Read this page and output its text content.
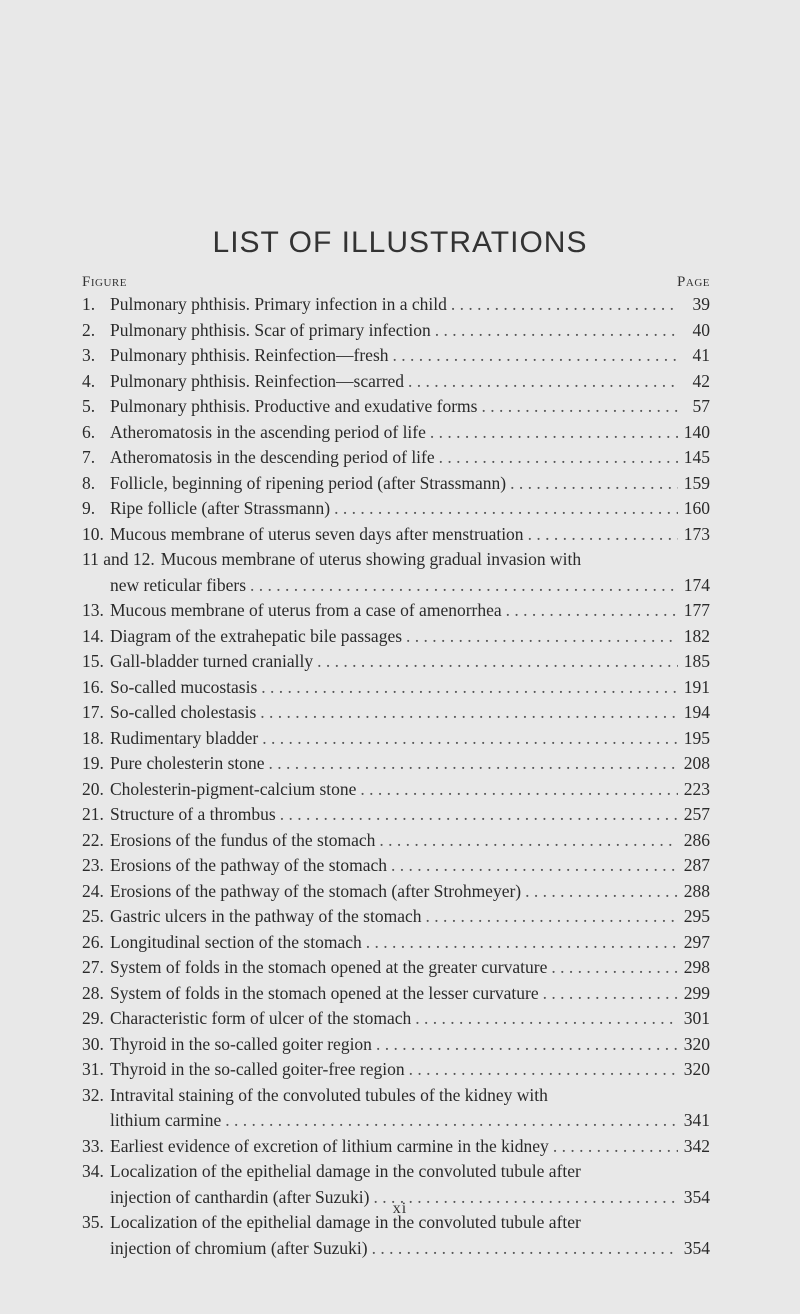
LIST OF ILLUSTRATIONS
Figure	Page
1. Pulmonary phthisis. Primary infection in a child . . .	39
2. Pulmonary phthisis. Scar of primary infection . . .	40
3. Pulmonary phthisis. Reinfection—fresh . . .	41
4. Pulmonary phthisis. Reinfection—scarred . . .	42
5. Pulmonary phthisis. Productive and exudative forms . . .	57
6. Atheromatosis in the ascending period of life . . .	140
7. Atheromatosis in the descending period of life . . .	145
8. Follicle, beginning of ripening period (after Strassmann) . . .	159
9. Ripe follicle (after Strassmann) . . .	160
10. Mucous membrane of uterus seven days after menstruation . . .	173
11 and 12. Mucous membrane of uterus showing gradual invasion with
new reticular fibers . . .	174
13. Mucous membrane of uterus from a case of amenorrhea . . .	177
14. Diagram of the extrahepatic bile passages . . .	182
15. Gall-bladder turned cranially . . .	185
16. So-called mucostasis . . .	191
17. So-called cholestasis . . .	194
18. Rudimentary bladder . . .	195
19. Pure cholesterin stone . . .	208
20. Cholesterin-pigment-calcium stone . . .	223
21. Structure of a thrombus . . .	257
22. Erosions of the fundus of the stomach . . .	286
23. Erosions of the pathway of the stomach . . .	287
24. Erosions of the pathway of the stomach (after Strohmeyer) . . .	288
25. Gastric ulcers in the pathway of the stomach . . .	295
26. Longitudinal section of the stomach . . .	297
27. System of folds in the stomach opened at the greater curvature . . .	298
28. System of folds in the stomach opened at the lesser curvature . . .	299
29. Characteristic form of ulcer of the stomach . . .	301
30. Thyroid in the so-called goiter region . . .	320
31. Thyroid in the so-called goiter-free region . . .	320
32. Intravital staining of the convoluted tubules of the kidney with
lithium carmine . . .	341
33. Earliest evidence of excretion of lithium carmine in the kidney . . .	342
34. Localization of the epithelial damage in the convoluted tubule after
injection of canthardin (after Suzuki) . . .	354
35. Localization of the epithelial damage in the convoluted tubule after
injection of chromium (after Suzuki) . . .	354
xi
